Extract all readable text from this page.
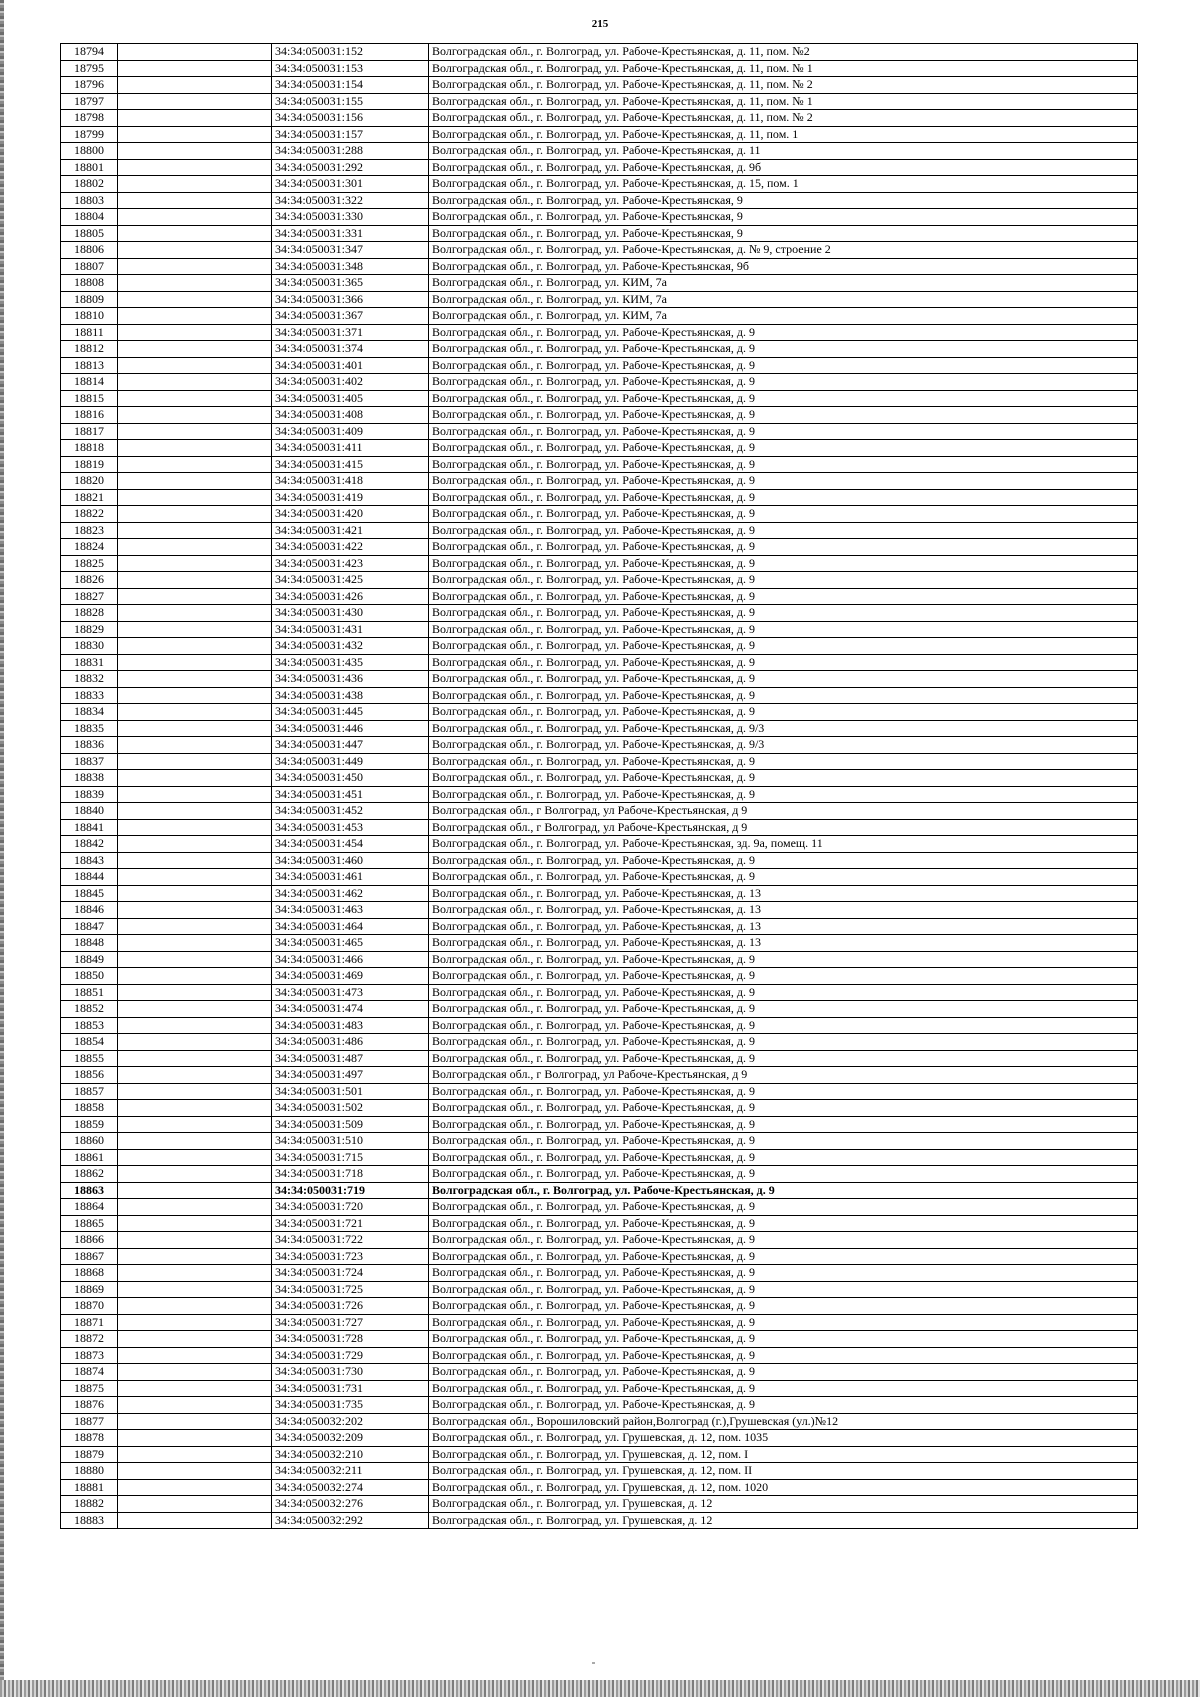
215
18794		34:34:050031:152	Волгоградская обл., г. Волгоград, ул. Рабоче-Крестьянская, д. 11, пом. №2
18795		34:34:050031:153	Волгоградская обл., г. Волгоград, ул. Рабоче-Крестьянская, д. 11, пом. № 1
18796		34:34:050031:154	Волгоградская обл., г. Волгоград, ул. Рабоче-Крестьянская, д. 11, пом. № 2
18797		34:34:050031:155	Волгоградская обл., г. Волгоград, ул. Рабоче-Крестьянская, д. 11, пом. № 1
18798		34:34:050031:156	Волгоградская обл., г. Волгоград, ул. Рабоче-Крестьянская, д. 11, пом. № 2
18799		34:34:050031:157	Волгоградская обл., г. Волгоград, ул. Рабоче-Крестьянская, д. 11, пом. 1
18800		34:34:050031:288	Волгоградская обл., г. Волгоград, ул. Рабоче-Крестьянская, д. 11
18801		34:34:050031:292	Волгоградская обл., г. Волгоград, ул. Рабоче-Крестьянская, д. 9б
18802		34:34:050031:301	Волгоградская обл., г. Волгоград, ул. Рабоче-Крестьянская, д. 15, пом. 1
18803		34:34:050031:322	Волгоградская обл., г. Волгоград, ул. Рабоче-Крестьянская, 9
18804		34:34:050031:330	Волгоградская обл., г. Волгоград, ул. Рабоче-Крестьянская, 9
18805		34:34:050031:331	Волгоградская обл., г. Волгоград, ул. Рабоче-Крестьянская, 9
18806		34:34:050031:347	Волгоградская обл., г. Волгоград, ул. Рабоче-Крестьянская, д. № 9, строение 2
18807		34:34:050031:348	Волгоградская обл., г. Волгоград, ул. Рабоче-Крестьянская, 9б
18808		34:34:050031:365	Волгоградская обл., г. Волгоград, ул. КИМ, 7а
18809		34:34:050031:366	Волгоградская обл., г. Волгоград, ул. КИМ, 7а
18810		34:34:050031:367	Волгоградская обл., г. Волгоград, ул. КИМ, 7а
18811		34:34:050031:371	Волгоградская обл., г. Волгоград, ул. Рабоче-Крестьянская, д. 9
18812		34:34:050031:374	Волгоградская обл., г. Волгоград, ул. Рабоче-Крестьянская, д. 9
18813		34:34:050031:401	Волгоградская обл., г. Волгоград, ул. Рабоче-Крестьянская, д. 9
18814		34:34:050031:402	Волгоградская обл., г. Волгоград, ул. Рабоче-Крестьянская, д. 9
18815		34:34:050031:405	Волгоградская обл., г. Волгоград, ул. Рабоче-Крестьянская, д. 9
18816		34:34:050031:408	Волгоградская обл., г. Волгоград, ул. Рабоче-Крестьянская, д. 9
18817		34:34:050031:409	Волгоградская обл., г. Волгоград, ул. Рабоче-Крестьянская, д. 9
18818		34:34:050031:411	Волгоградская обл., г. Волгоград, ул. Рабоче-Крестьянская, д. 9
18819		34:34:050031:415	Волгоградская обл., г. Волгоград, ул. Рабоче-Крестьянская, д. 9
18820		34:34:050031:418	Волгоградская обл., г. Волгоград, ул. Рабоче-Крестьянская, д. 9
18821		34:34:050031:419	Волгоградская обл., г. Волгоград, ул. Рабоче-Крестьянская, д. 9
18822		34:34:050031:420	Волгоградская обл., г. Волгоград, ул. Рабоче-Крестьянская, д. 9
18823		34:34:050031:421	Волгоградская обл., г. Волгоград, ул. Рабоче-Крестьянская, д. 9
18824		34:34:050031:422	Волгоградская обл., г. Волгоград, ул. Рабоче-Крестьянская, д. 9
18825		34:34:050031:423	Волгоградская обл., г. Волгоград, ул. Рабоче-Крестьянская, д. 9
18826		34:34:050031:425	Волгоградская обл., г. Волгоград, ул. Рабоче-Крестьянская, д. 9
18827		34:34:050031:426	Волгоградская обл., г. Волгоград, ул. Рабоче-Крестьянская, д. 9
18828		34:34:050031:430	Волгоградская обл., г. Волгоград, ул. Рабоче-Крестьянская, д. 9
18829		34:34:050031:431	Волгоградская обл., г. Волгоград, ул. Рабоче-Крестьянская, д. 9
18830		34:34:050031:432	Волгоградская обл., г. Волгоград, ул. Рабоче-Крестьянская, д. 9
18831		34:34:050031:435	Волгоградская обл., г. Волгоград, ул. Рабоче-Крестьянская, д. 9
18832		34:34:050031:436	Волгоградская обл., г. Волгоград, ул. Рабоче-Крестьянская, д. 9
18833		34:34:050031:438	Волгоградская обл., г. Волгоград, ул. Рабоче-Крестьянская, д. 9
18834		34:34:050031:445	Волгоградская обл., г. Волгоград, ул. Рабоче-Крестьянская, д. 9
18835		34:34:050031:446	Волгоградская обл., г. Волгоград, ул. Рабоче-Крестьянская, д. 9/3
18836		34:34:050031:447	Волгоградская обл., г. Волгоград, ул. Рабоче-Крестьянская, д. 9/3
18837		34:34:050031:449	Волгоградская обл., г. Волгоград, ул. Рабоче-Крестьянская, д. 9
18838		34:34:050031:450	Волгоградская обл., г. Волгоград, ул. Рабоче-Крестьянская, д. 9
18839		34:34:050031:451	Волгоградская обл., г. Волгоград, ул. Рабоче-Крестьянская, д. 9
18840		34:34:050031:452	Волгоградская обл., г Волгоград, ул Рабоче-Крестьянская, д 9
18841		34:34:050031:453	Волгоградская обл., г Волгоград, ул Рабоче-Крестьянская, д 9
18842		34:34:050031:454	Волгоградская обл., г. Волгоград, ул. Рабоче-Крестьянская, зд. 9а, помещ. 11
18843		34:34:050031:460	Волгоградская обл., г. Волгоград, ул. Рабоче-Крестьянская, д. 9
18844		34:34:050031:461	Волгоградская обл., г. Волгоград, ул. Рабоче-Крестьянская, д. 9
18845		34:34:050031:462	Волгоградская обл., г. Волгоград, ул. Рабоче-Крестьянская, д. 13
18846		34:34:050031:463	Волгоградская обл., г. Волгоград, ул. Рабоче-Крестьянская, д. 13
18847		34:34:050031:464	Волгоградская обл., г. Волгоград, ул. Рабоче-Крестьянская, д. 13
18848		34:34:050031:465	Волгоградская обл., г. Волгоград, ул. Рабоче-Крестьянская, д. 13
18849		34:34:050031:466	Волгоградская обл., г. Волгоград, ул. Рабоче-Крестьянская, д. 9
18850		34:34:050031:469	Волгоградская обл., г. Волгоград, ул. Рабоче-Крестьянская, д. 9
18851		34:34:050031:473	Волгоградская обл., г. Волгоград, ул. Рабоче-Крестьянская, д. 9
18852		34:34:050031:474	Волгоградская обл., г. Волгоград, ул. Рабоче-Крестьянская, д. 9
18853		34:34:050031:483	Волгоградская обл., г. Волгоград, ул. Рабоче-Крестьянская, д. 9
18854		34:34:050031:486	Волгоградская обл., г. Волгоград, ул. Рабоче-Крестьянская, д. 9
18855		34:34:050031:487	Волгоградская обл., г. Волгоград, ул. Рабоче-Крестьянская, д. 9
18856		34:34:050031:497	Волгоградская обл., г Волгоград, ул Рабоче-Крестьянская, д 9
18857		34:34:050031:501	Волгоградская обл., г. Волгоград, ул. Рабоче-Крестьянская, д. 9
18858		34:34:050031:502	Волгоградская обл., г. Волгоград, ул. Рабоче-Крестьянская, д. 9
18859		34:34:050031:509	Волгоградская обл., г. Волгоград, ул. Рабоче-Крестьянская, д. 9
18860		34:34:050031:510	Волгоградская обл., г. Волгоград, ул. Рабоче-Крестьянская, д. 9
18861		34:34:050031:715	Волгоградская обл., г. Волгоград, ул. Рабоче-Крестьянская, д. 9
18862		34:34:050031:718	Волгоградская обл., г. Волгоград, ул. Рабоче-Крестьянская, д. 9
18863		34:34:050031:719	Волгоградская обл., г. Волгоград, ул. Рабоче-Крестьянская, д. 9
18864		34:34:050031:720	Волгоградская обл., г. Волгоград, ул. Рабоче-Крестьянская, д. 9
18865		34:34:050031:721	Волгоградская обл., г. Волгоград, ул. Рабоче-Крестьянская, д. 9
18866		34:34:050031:722	Волгоградская обл., г. Волгоград, ул. Рабоче-Крестьянская, д. 9
18867		34:34:050031:723	Волгоградская обл., г. Волгоград, ул. Рабоче-Крестьянская, д. 9
18868		34:34:050031:724	Волгоградская обл., г. Волгоград, ул. Рабоче-Крестьянская, д. 9
18869		34:34:050031:725	Волгоградская обл., г. Волгоград, ул. Рабоче-Крестьянская, д. 9
18870		34:34:050031:726	Волгоградская обл., г. Волгоград, ул. Рабоче-Крестьянская, д. 9
18871		34:34:050031:727	Волгоградская обл., г. Волгоград, ул. Рабоче-Крестьянская, д. 9
18872		34:34:050031:728	Волгоградская обл., г. Волгоград, ул. Рабоче-Крестьянская, д. 9
18873		34:34:050031:729	Волгоградская обл., г. Волгоград, ул. Рабоче-Крестьянская, д. 9
18874		34:34:050031:730	Волгоградская обл., г. Волгоград, ул. Рабоче-Крестьянская, д. 9
18875		34:34:050031:731	Волгоградская обл., г. Волгоград, ул. Рабоче-Крестьянская, д. 9
18876		34:34:050031:735	Волгоградская обл., г. Волгоград, ул. Рабоче-Крестьянская, д. 9
18877		34:34:050032:202	Волгоградская обл., Ворошиловский район,Волгоград (г.),Грушевская (ул.)№12
18878		34:34:050032:209	Волгоградская обл., г. Волгоград, ул. Грушевская, д. 12, пом. 1035
18879		34:34:050032:210	Волгоградская обл., г. Волгоград, ул. Грушевская, д. 12, пом. I
18880		34:34:050032:211	Волгоградская обл., г. Волгоград, ул. Грушевская, д. 12, пом. II
18881		34:34:050032:274	Волгоградская обл., г. Волгоград, ул. Грушевская, д. 12, пом. 1020
18882		34:34:050032:276	Волгоградская обл., г. Волгоград, ул. Грушевская, д. 12
18883		34:34:050032:292	Волгоградская обл., г. Волгоград, ул. Грушевская, д. 12
